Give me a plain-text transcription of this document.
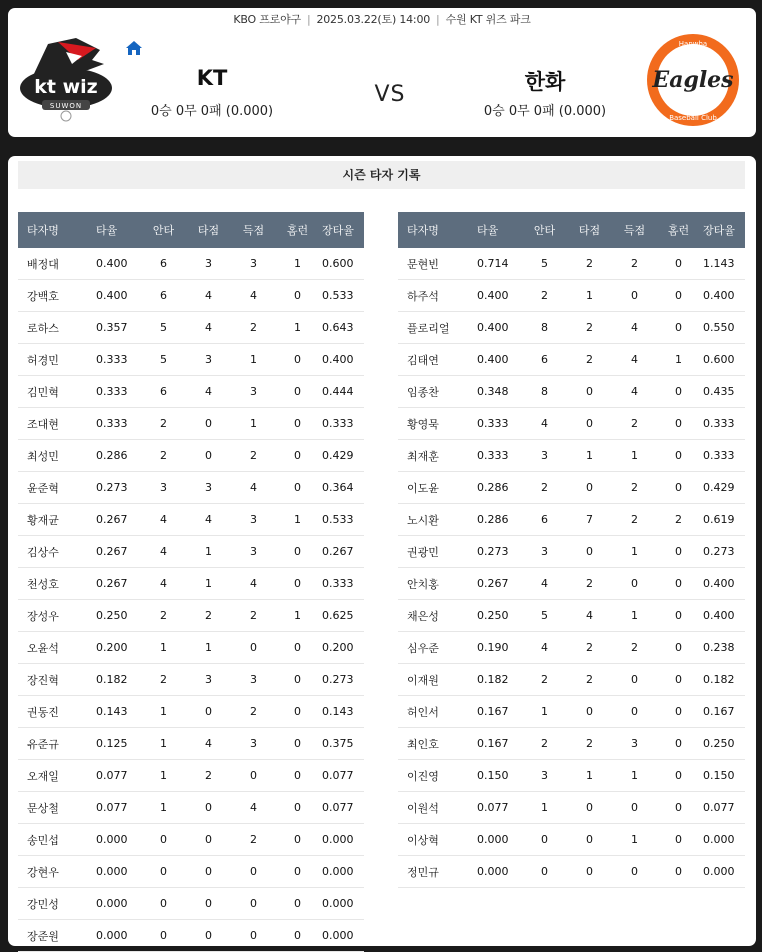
KBO 프로야구 | 2025.03.22(토) 14:00 | 수원 KT 위즈 파크
kt wiz
SUWON
KT
0승 0무 0패 (0.000)
VS	한화
0승 0무 0패 (0.000)
Hanwha
Eagles
Baseball Club
시즌 타자 기록
타자명	타율	안타	타점	득점	홈런	장타율
배정대	0.400	6	3	3	1	0.600
강백호	0.400	6	4	4	0	0.533
로하스	0.357	5	4	2	1	0.643
허경민	0.333	5	3	1	0	0.400
김민혁	0.333	6	4	3	0	0.444
조대현	0.333	2	0	1	0	0.333
최성민	0.286	2	0	2	0	0.429
윤준혁	0.273	3	3	4	0	0.364
황재균	0.267	4	4	3	1	0.533
김상수	0.267	4	1	3	0	0.267
천성호	0.267	4	1	4	0	0.333
장성우	0.250	2	2	2	1	0.625
오윤석	0.200	1	1	0	0	0.200
장진혁	0.182	2	3	3	0	0.273
권동진	0.143	1	0	2	0	0.143
유준규	0.125	1	4	3	0	0.375
오재일	0.077	1	2	0	0	0.077
문상철	0.077	1	0	4	0	0.077
송민섭	0.000	0	0	2	0	0.000
강현우	0.000	0	0	0	0	0.000
강민성	0.000	0	0	0	0	0.000
장준원	0.000	0	0	0	0	0.000
타자명	타율	안타	타점	득점	홈런	장타율
문현빈	0.714	5	2	2	0	1.143
하주석	0.400	2	1	0	0	0.400
플로리얼	0.400	8	2	4	0	0.550
김태연	0.400	6	2	4	1	0.600
임종찬	0.348	8	0	4	0	0.435
황영묵	0.333	4	0	2	0	0.333
최재훈	0.333	3	1	1	0	0.333
이도윤	0.286	2	0	2	0	0.429
노시환	0.286	6	7	2	2	0.619
권광민	0.273	3	0	1	0	0.273
안치홍	0.267	4	2	0	0	0.400
채은성	0.250	5	4	1	0	0.400
심우준	0.190	4	2	2	0	0.238
이재원	0.182	2	2	0	0	0.182
허인서	0.167	1	0	0	0	0.167
최인호	0.167	2	2	3	0	0.250
이진영	0.150	3	1	1	0	0.150
이원석	0.077	1	0	0	0	0.077
이상혁	0.000	0	0	1	0	0.000
정민규	0.000	0	0	0	0	0.000
